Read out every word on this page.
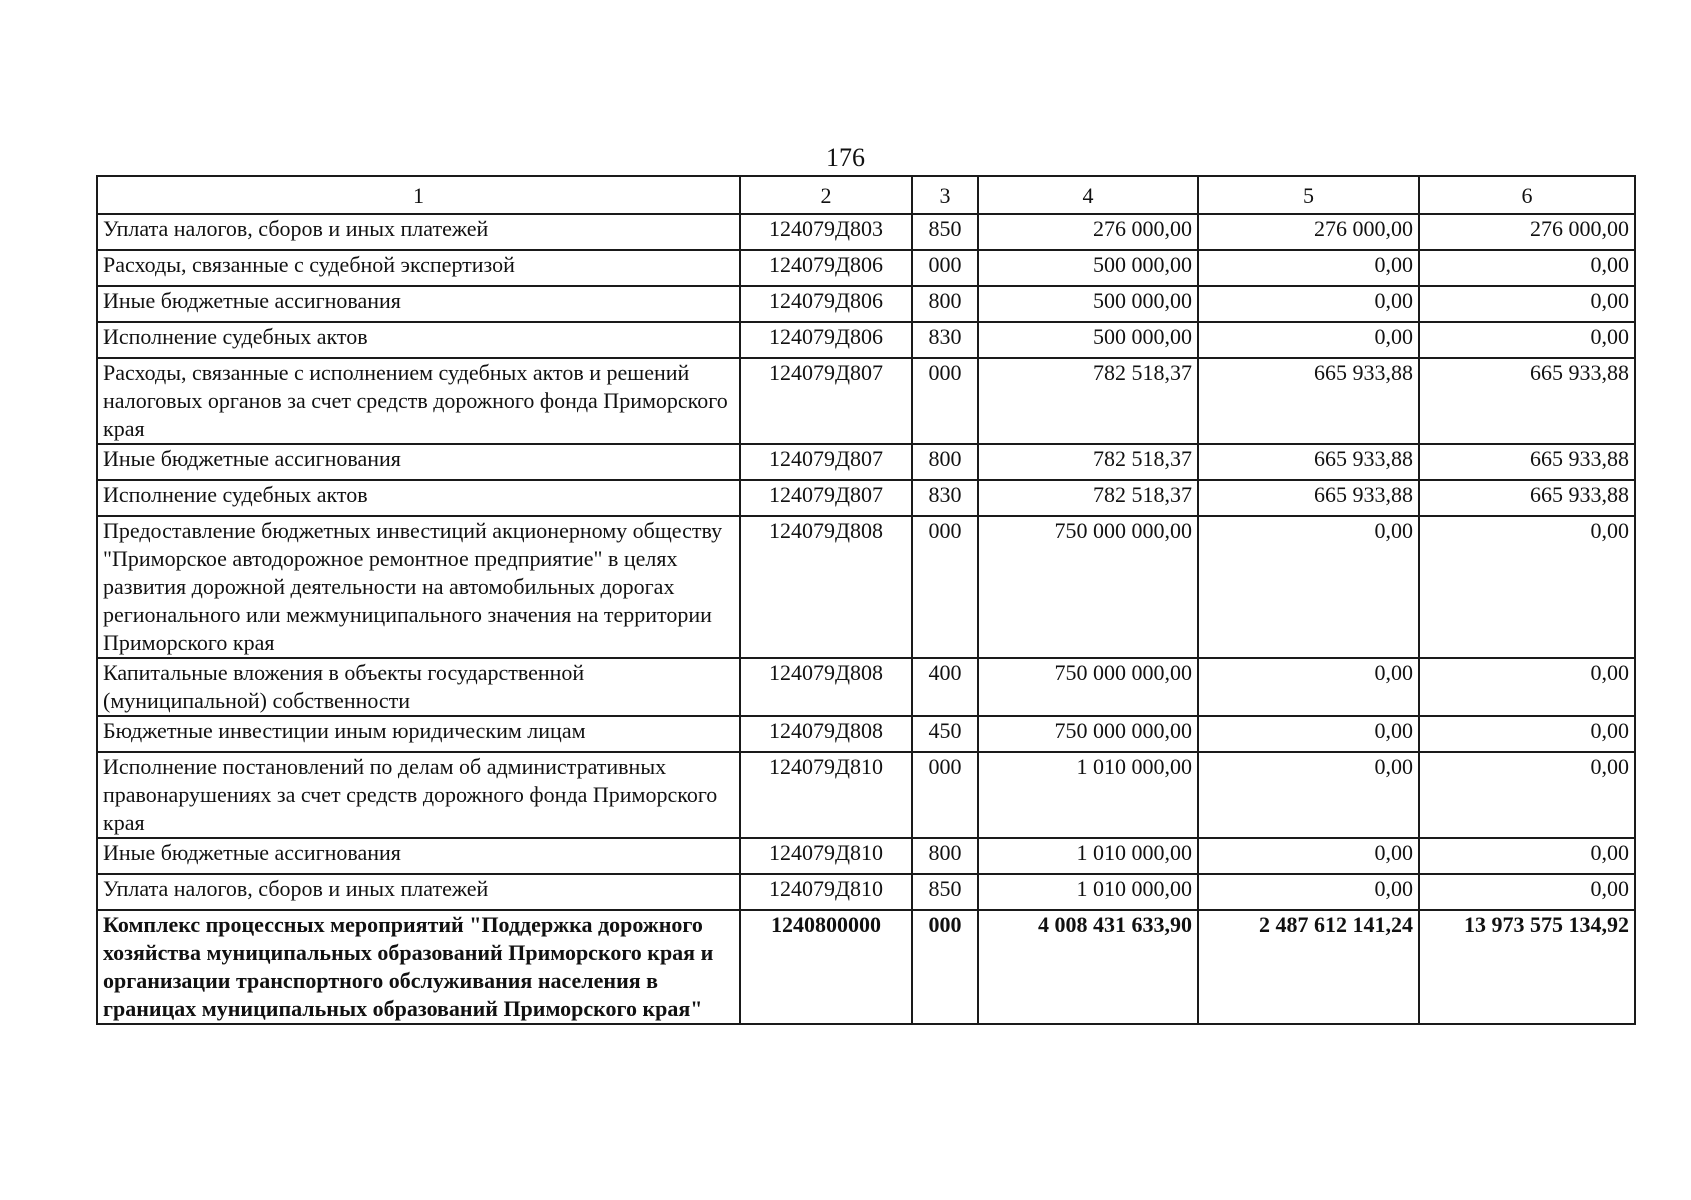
176
1	2	3	4	5	6
Уплата налогов, сборов и иных платежей	124079Д803	850	276 000,00	276 000,00	276 000,00
Расходы, связанные с судебной экспертизой	124079Д806	000	500 000,00	0,00	0,00
Иные бюджетные ассигнования	124079Д806	800	500 000,00	0,00	0,00
Исполнение судебных актов	124079Д806	830	500 000,00	0,00	0,00
Расходы, связанные с исполнением судебных актов и решений налоговых органов за счет средств дорожного фонда Приморского края	124079Д807	000	782 518,37	665 933,88	665 933,88
Иные бюджетные ассигнования	124079Д807	800	782 518,37	665 933,88	665 933,88
Исполнение судебных актов	124079Д807	830	782 518,37	665 933,88	665 933,88
Предоставление бюджетных инвестиций акционерному обществу "Приморское автодорожное ремонтное предприятие" в целях развития дорожной деятельности на автомобильных дорогах регионального или межмуниципального значения на территории Приморского края	124079Д808	000	750 000 000,00	0,00	0,00
Капитальные вложения в объекты государственной (муниципальной) собственности	124079Д808	400	750 000 000,00	0,00	0,00
Бюджетные инвестиции иным юридическим лицам	124079Д808	450	750 000 000,00	0,00	0,00
Исполнение постановлений по делам об административных правонарушениях за счет средств дорожного фонда Приморского края	124079Д810	000	1 010 000,00	0,00	0,00
Иные бюджетные ассигнования	124079Д810	800	1 010 000,00	0,00	0,00
Уплата налогов, сборов и иных платежей	124079Д810	850	1 010 000,00	0,00	0,00
Комплекс процессных мероприятий "Поддержка дорожного хозяйства муниципальных образований Приморского края и организации транспортного обслуживания населения в границах муниципальных образований Приморского края"	1240800000	000	4 008 431 633,90	2 487 612 141,24	13 973 575 134,92
